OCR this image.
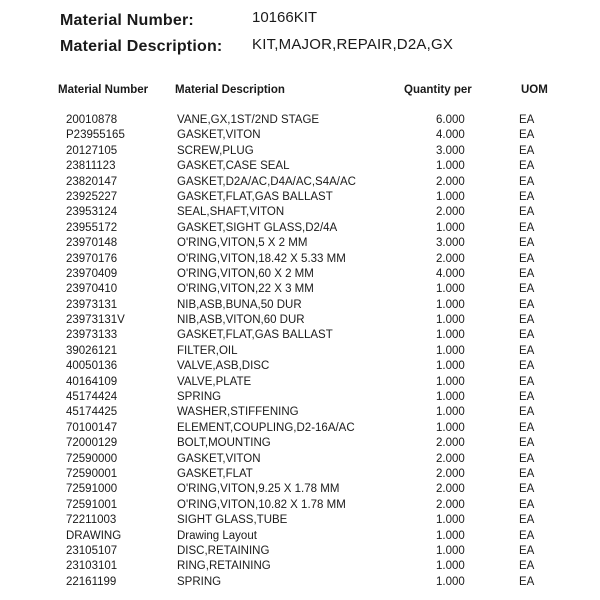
Material Number:	10166KIT
Material Description: KIT,MAJOR,REPAIR,D2A,GX
Material Number Material Description	Quantity per	UOM
20010878	VANE,GX,1ST/2ND STAGE	6.000	EA
P23955165	GASKET,VITON	4.000	EA
20127105	SCREW,PLUG	3.000	EA
23811123	GASKET,CASE SEAL	1.000	EA
23820147	GASKET,D2A/AC,D4A/AC,S4A/AC	2.000	EA
23925227	GASKET,FLAT,GAS BALLAST	1.000	EA
23953124	SEAL,SHAFT,VITON	2.000	EA
23955172	GASKET,SIGHT GLASS,D2/4A	1.000	EA
23970148	O'RING,VITON,5 X 2 MM	3.000	EA
23970176	O'RING,VITON,18.42 X 5.33 MM	2.000	EA
23970409	O'RING,VITON,60 X 2 MM	4.000	EA
23970410	O'RING,VITON,22 X 3 MM	1.000	EA
23973131	NIB,ASB,BUNA,50 DUR	1.000	EA
23973131V	NIB,ASB,VITON,60 DUR	1.000	EA
23973133	GASKET,FLAT,GAS BALLAST	1.000	EA
39026121	FILTER,OIL	1.000	EA
40050136	VALVE,ASB,DISC	1.000	EA
40164109	VALVE,PLATE	1.000	EA
45174424	SPRING	1.000	EA
45174425	WASHER,STIFFENING	1.000	EA
70100147	ELEMENT,COUPLING,D2-16A/AC	1.000	EA
72000129	BOLT,MOUNTING	2.000	EA
72590000	GASKET,VITON	2.000	EA
72590001	GASKET,FLAT	2.000	EA
72591000	O'RING,VITON,9.25 X 1.78 MM	2.000	EA
72591001	O'RING,VITON,10.82 X 1.78 MM	2.000	EA
72211003	SIGHT GLASS,TUBE	1.000	EA
DRAWING	Drawing Layout	1.000	EA
23105107	DISC,RETAINING	1.000	EA
23103101	RING,RETAINING	1.000	EA
22161199	SPRING	1.000	EA
